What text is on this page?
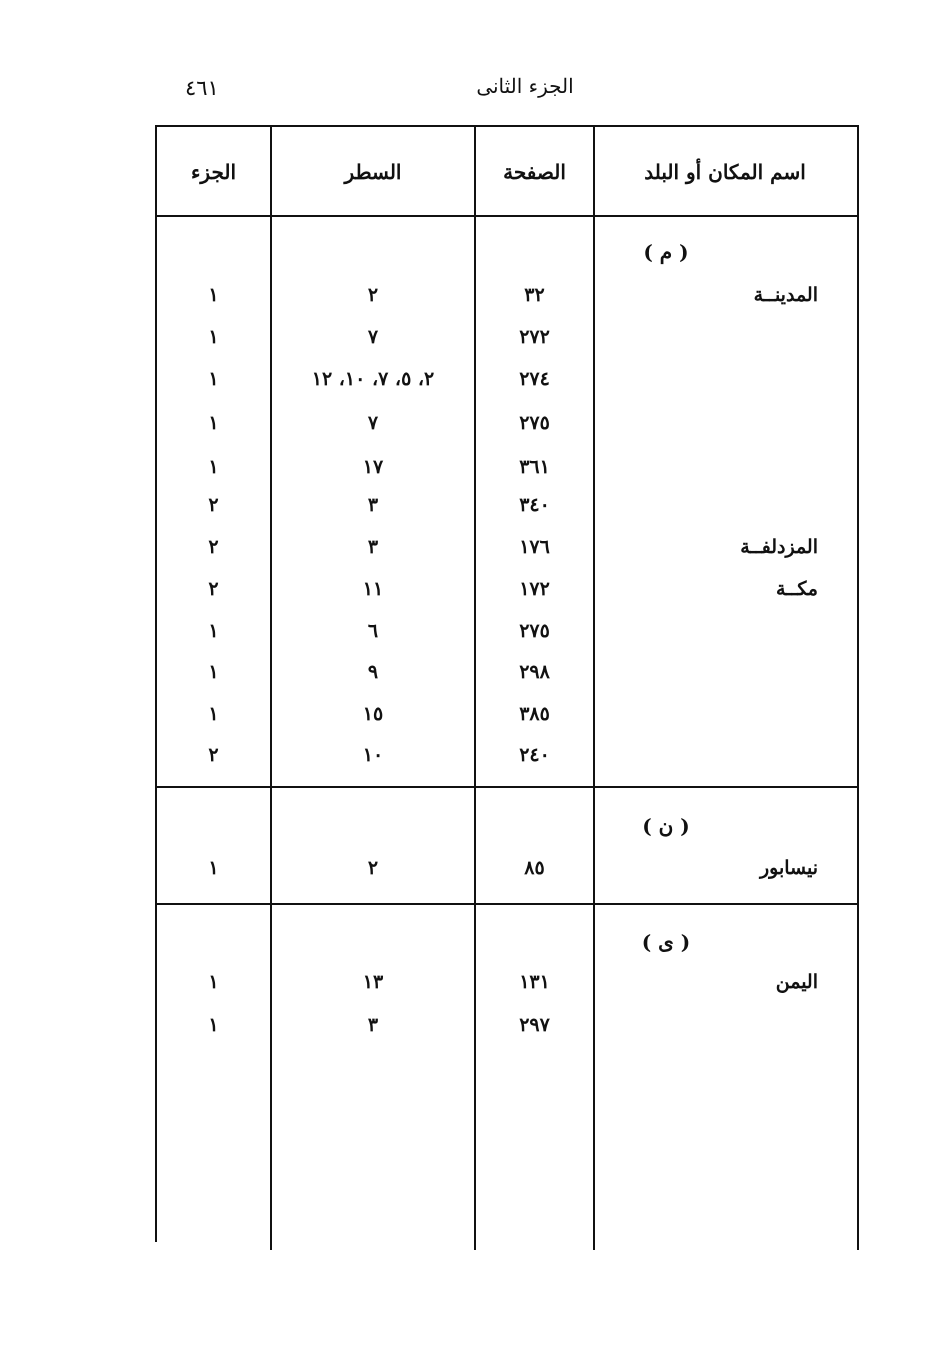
٤٦١	الجزء الثانى
اسم المكان أو البلد
الصفحة
السطر
الجزء
( م )
المدينــة
٣٢
٢
١
٢٧٢
٧
١
٢٧٤
٢، ٥، ٧، ١٠، ١٢
١
٢٧٥
٧
١
٣٦١
١٧
١
٣٤٠
٣
٢
المزدلفــة
١٧٦
٣
٢
مكــة
١٧٢
١١
٢
٢٧٥
٦
١
٢٩٨
٩
١
٣٨٥
١٥
١
٢٤٠
١٠
٢
( ن )
نيسابور
٨٥
٢
١
( ى )
اليمن
١٣١
١٣
١
٢٩٧
٣
١
